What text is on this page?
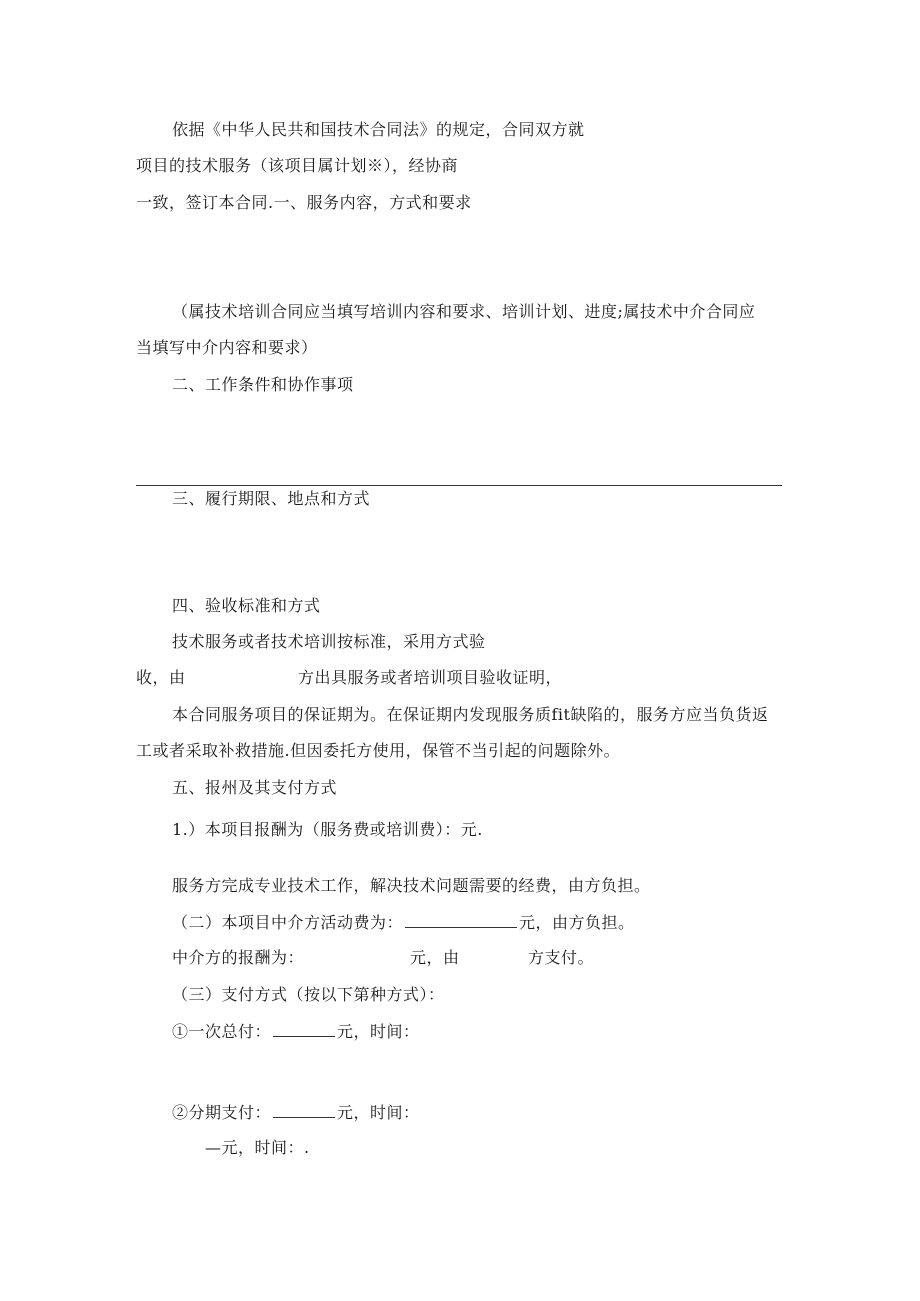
依据《中华人民共和国技术合同法》的规定，合同双方就
项目的技术服务（该项目属计划※），经协商
一致，签订本合同.一、服务内容，方式和要求
（属技术培训合同应当填写培训内容和要求、培训计划、进度;属技术中介合同应
当填写中介内容和要求）
二、工作条件和协作事项
三、履行期限、地点和方式
四、验收标准和方式
技术服务或者技术培训按标准，采用方式验
收，由	方出具服务或者培训项目验收证明，
本合同服务项目的保证期为。在保证期内发现服务质fit缺陷的，服务方应当负货返
工或者采取补救措施.但因委托方使用，保管不当引起的问题除外。
五、报州及其支付方式
1.）本项目报酬为（服务费或培训费）：元.
服务方完成专业技术工作，解决技术问题需要的经费，由方负担。
（二）本项目中介方活动费为：	元，由方负担。
中介方的报酬为：	元，由	方支付。
（三）支付方式（按以下第种方式）：
①一次总付：	元，时间：
②分期支付：	元，时间：
—元，时间：.
